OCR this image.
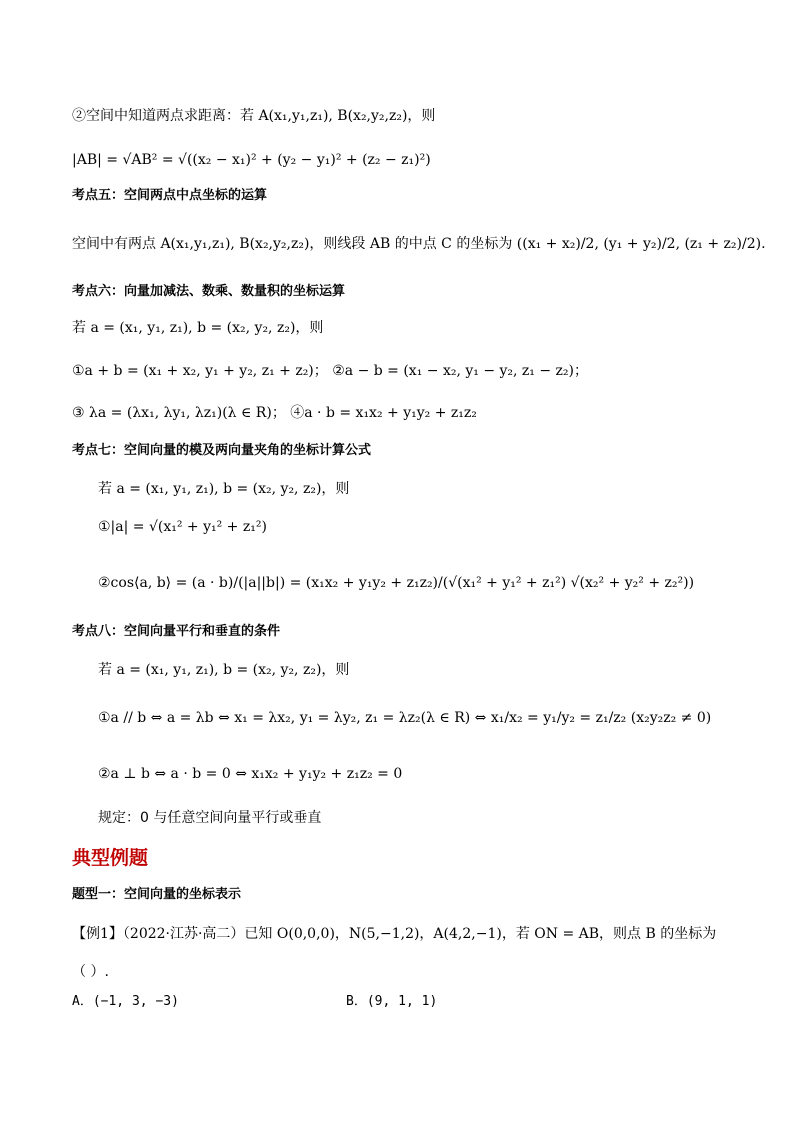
②空间中知道两点求距离：若 A(x₁,y₁,z₁), B(x₂,y₂,z₂)，则
|AB| = √AB² = √((x₂ − x₁)² + (y₂ − y₁)² + (z₂ − z₁)²)
考点五：空间两点中点坐标的运算
空间中有两点 A(x₁,y₁,z₁), B(x₂,y₂,z₂)，则线段 AB 的中点 C 的坐标为 ((x₁ + x₂)/2, (y₁ + y₂)/2, (z₁ + z₂)/2).
考点六：向量加减法、数乘、数量积的坐标运算
若 a = (x₁, y₁, z₁), b = (x₂, y₂, z₂)，则
①a + b = (x₁ + x₂, y₁ + y₂, z₁ + z₂)； ②a − b = (x₁ − x₂, y₁ − y₂, z₁ − z₂)；
③ λa = (λx₁, λy₁, λz₁)(λ ∈ R)； ④a · b = x₁x₂ + y₁y₂ + z₁z₂
考点七：空间向量的模及两向量夹角的坐标计算公式
若 a = (x₁, y₁, z₁), b = (x₂, y₂, z₂)，则
①|a| = √(x₁² + y₁² + z₁²)
②cos⟨a, b⟩ = (a · b)/(|a||b|) = (x₁x₂ + y₁y₂ + z₁z₂)/(√(x₁² + y₁² + z₁²) √(x₂² + y₂² + z₂²))
考点八：空间向量平行和垂直的条件
若 a = (x₁, y₁, z₁), b = (x₂, y₂, z₂)，则
①a // b ⇔ a = λb ⇔ x₁ = λx₂, y₁ = λy₂, z₁ = λz₂(λ ∈ R) ⇔ x₁/x₂ = y₁/y₂ = z₁/z₂ (x₂y₂z₂ ≠ 0)
②a ⊥ b ⇔ a · b = 0 ⇔ x₁x₂ + y₁y₂ + z₁z₂ = 0
规定：0 与任意空间向量平行或垂直
典型例题
题型一：空间向量的坐标表示
【例1】（2022·江苏·高二）已知 O(0,0,0)，N(5,−1,2)，A(4,2,−1)，若 ON = AB，则点 B 的坐标为
（ ）.
A．(−1, 3, −3)	B．(9, 1, 1)
